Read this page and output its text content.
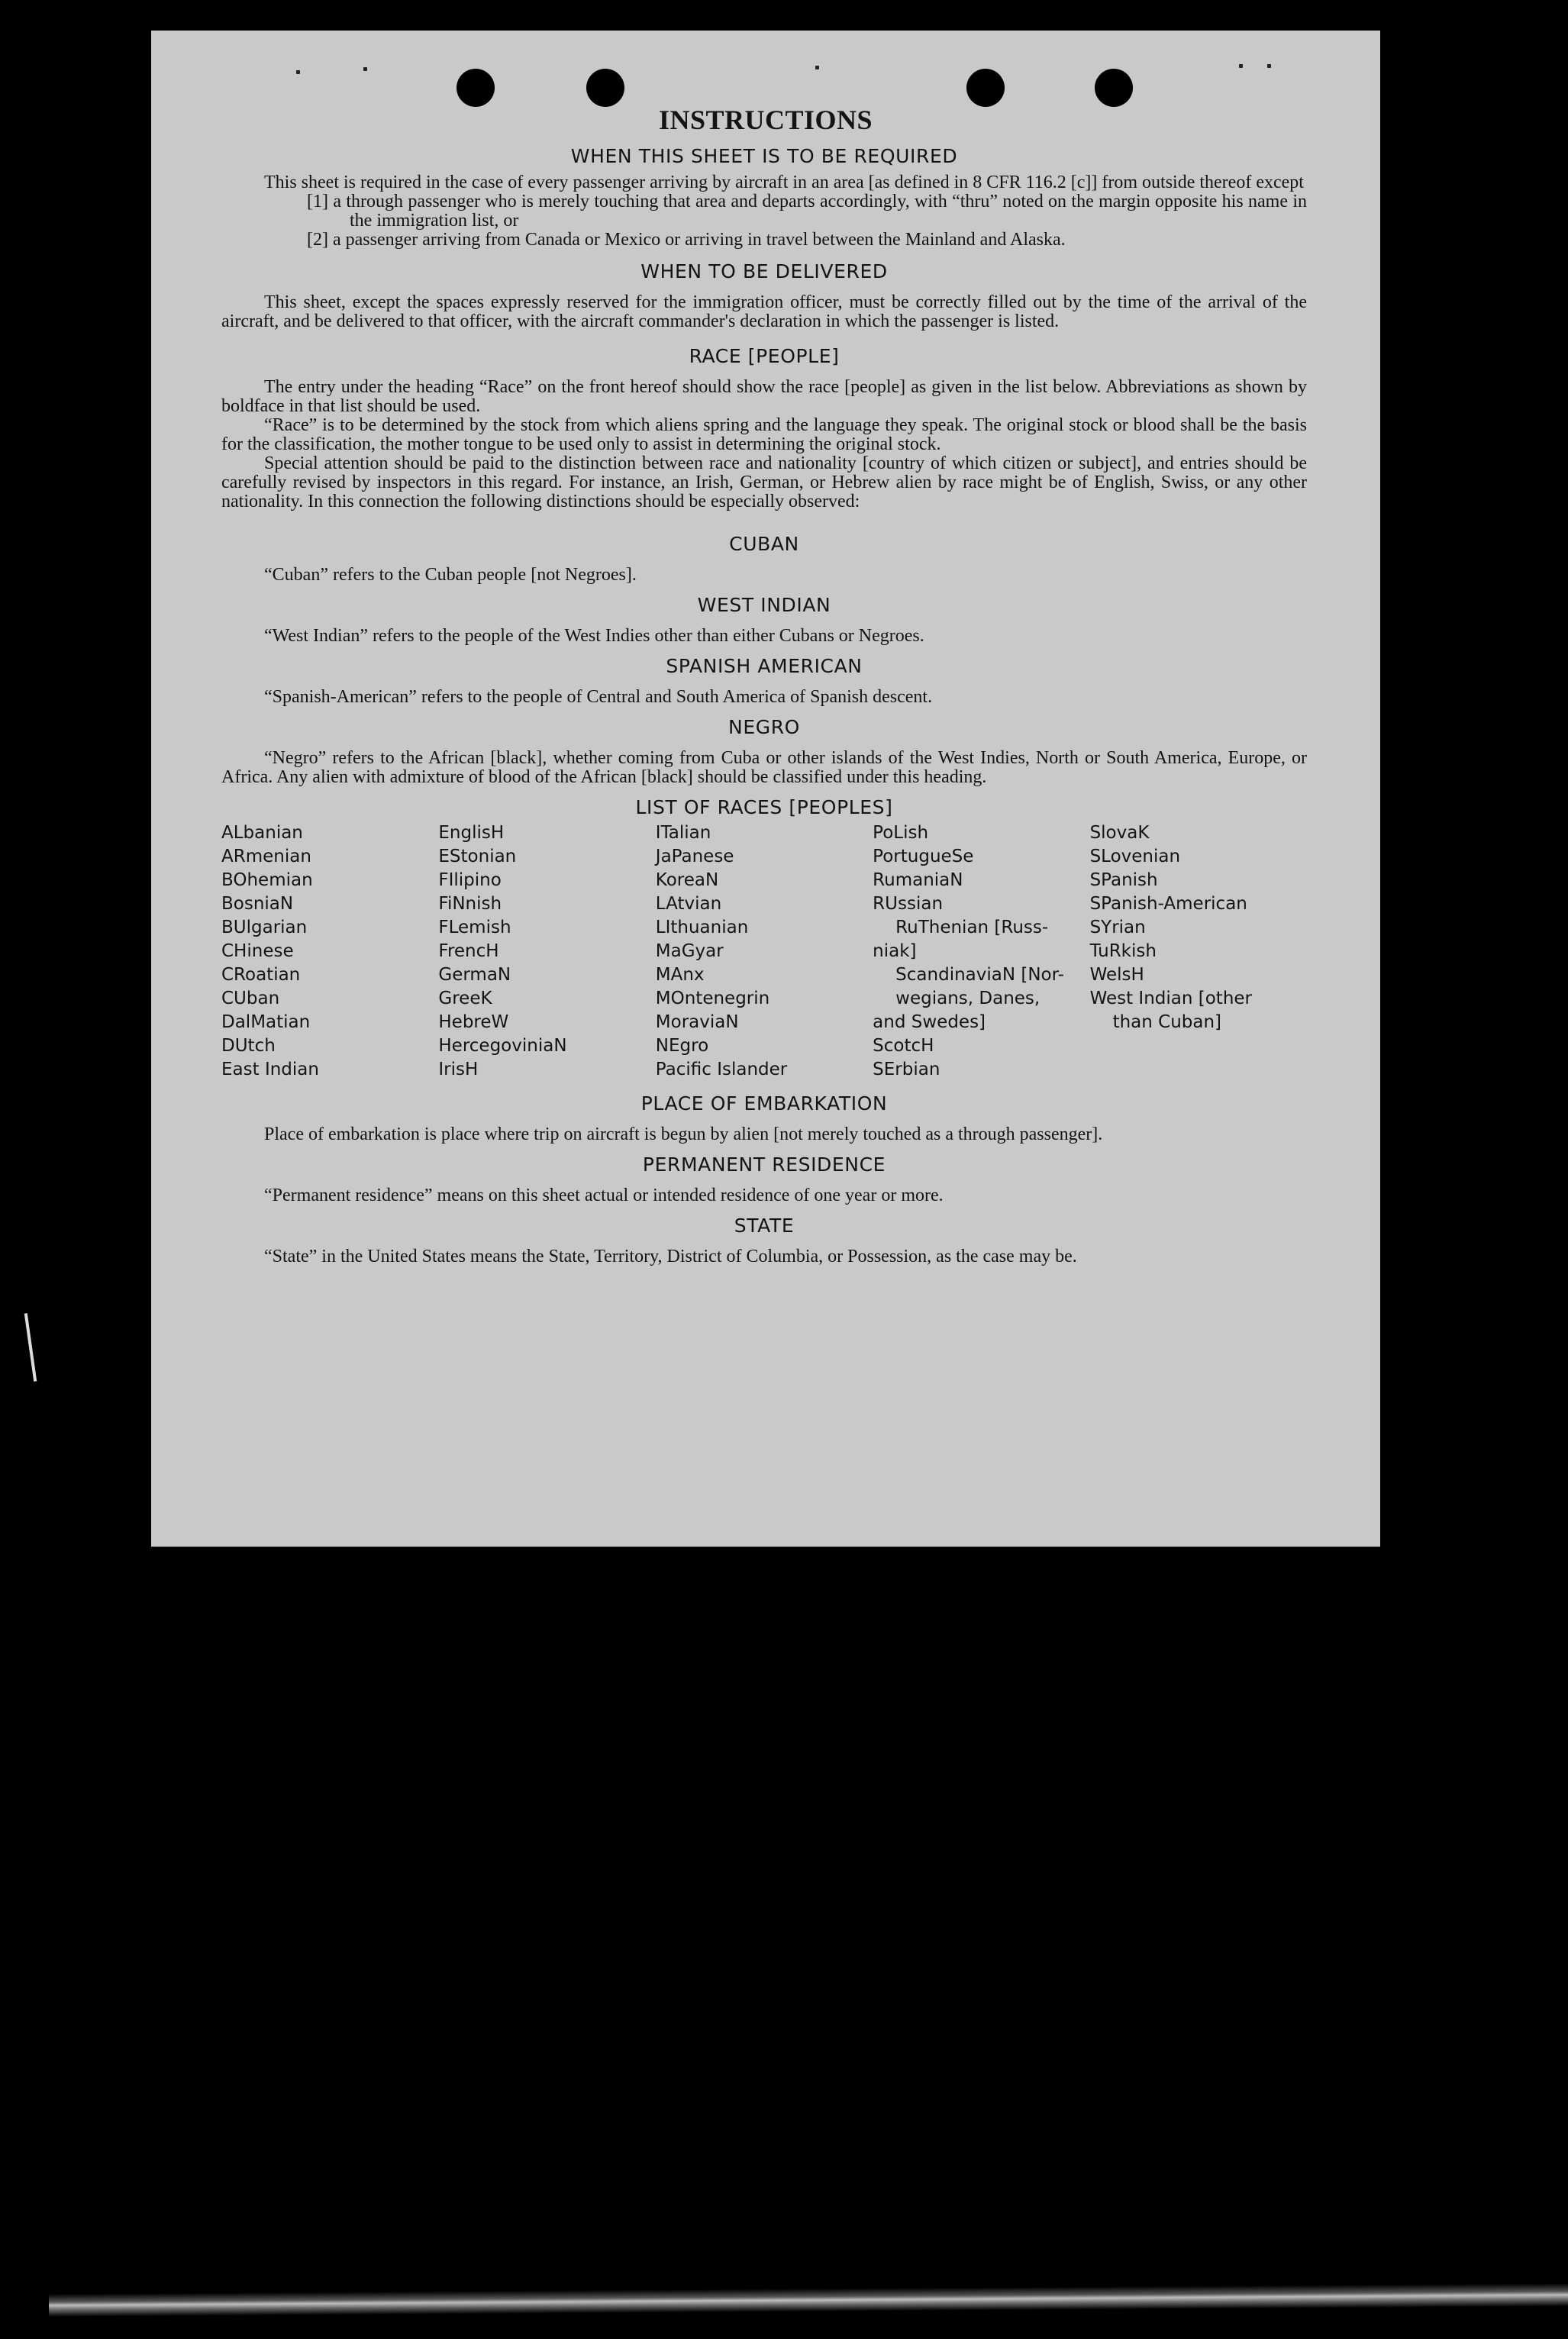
INSTRUCTIONS
WHEN THIS SHEET IS TO BE REQUIRED

This sheet is required in the case of every passenger arriving by aircraft in an area [as defined in 8 CFR 116.2 [c]] from outside thereof except

[1] a through passenger who is merely touching that area and departs accordingly, with “thru” noted on the margin opposite his name in the immigration list, or

[2] a passenger arriving from Canada or Mexico or arriving in travel between the Mainland and Alaska.

WHEN TO BE DELIVERED

This sheet, except the spaces expressly reserved for the immigration officer, must be correctly filled out by the time of the arrival of the aircraft, and be delivered to that officer, with the aircraft commander's declaration in which the passenger is listed.

RACE [PEOPLE]

The entry under the heading “Race” on the front hereof should show the race [people] as given in the list below. Abbreviations as shown by boldface in that list should be used.

“Race” is to be determined by the stock from which aliens spring and the language they speak. The original stock or blood shall be the basis for the classification, the mother tongue to be used only to assist in determining the original stock.

Special attention should be paid to the distinction between race and nationality [country of which citizen or subject], and entries should be carefully revised by inspectors in this regard. For instance, an Irish, German, or Hebrew alien by race might be of English, Swiss, or any other nationality. In this connection the following distinctions should be especially observed:

CUBAN

“Cuban” refers to the Cuban people [not Negroes].

WEST INDIAN

“West Indian” refers to the people of the West Indies other than either Cubans or Negroes.

SPANISH AMERICAN

“Spanish-American” refers to the people of Central and South America of Spanish descent.

NEGRO

“Negro” refers to the African [black], whether coming from Cuba or other islands of the West Indies, North or South America, Europe, or Africa. Any alien with admixture of blood of the African [black] should be classified under this heading.

LIST OF RACES [PEOPLES]
ALbanian
ARmenian
BOhemian
BosniaN
BUlgarian
CHinese
CRoatian
CUban
DalMatian
DUtch
East Indian
EnglisH
EStonian
FIlipino
FiNnish
FLemish
FrencH
GermaN
GreeK
HebreW
HercegoviniaN
IrisH
ITalian
JaPanese
KoreaN
LAtvian
LIthuanian
MaGyar
MAnx
MOntenegrin
MoraviaN
NEgro
Pacific Islander
PoLish
PortugueSe
RumaniaN
RUssian
RuThenian [Russ-
niak]
ScandinaviaN [Nor-
wegians, Danes,
and Swedes]
ScotcH
SErbian
SlovaK
SLovenian
SPanish
SPanish-American
SYrian
TuRkish
WelsH
West Indian [other
than Cuban]
PLACE OF EMBARKATION

Place of embarkation is place where trip on aircraft is begun by alien [not merely touched as a through passenger].

PERMANENT RESIDENCE

“Permanent residence” means on this sheet actual or intended residence of one year or more.

STATE

“State” in the United States means the State, Territory, District of Columbia, or Possession, as the case may be.
